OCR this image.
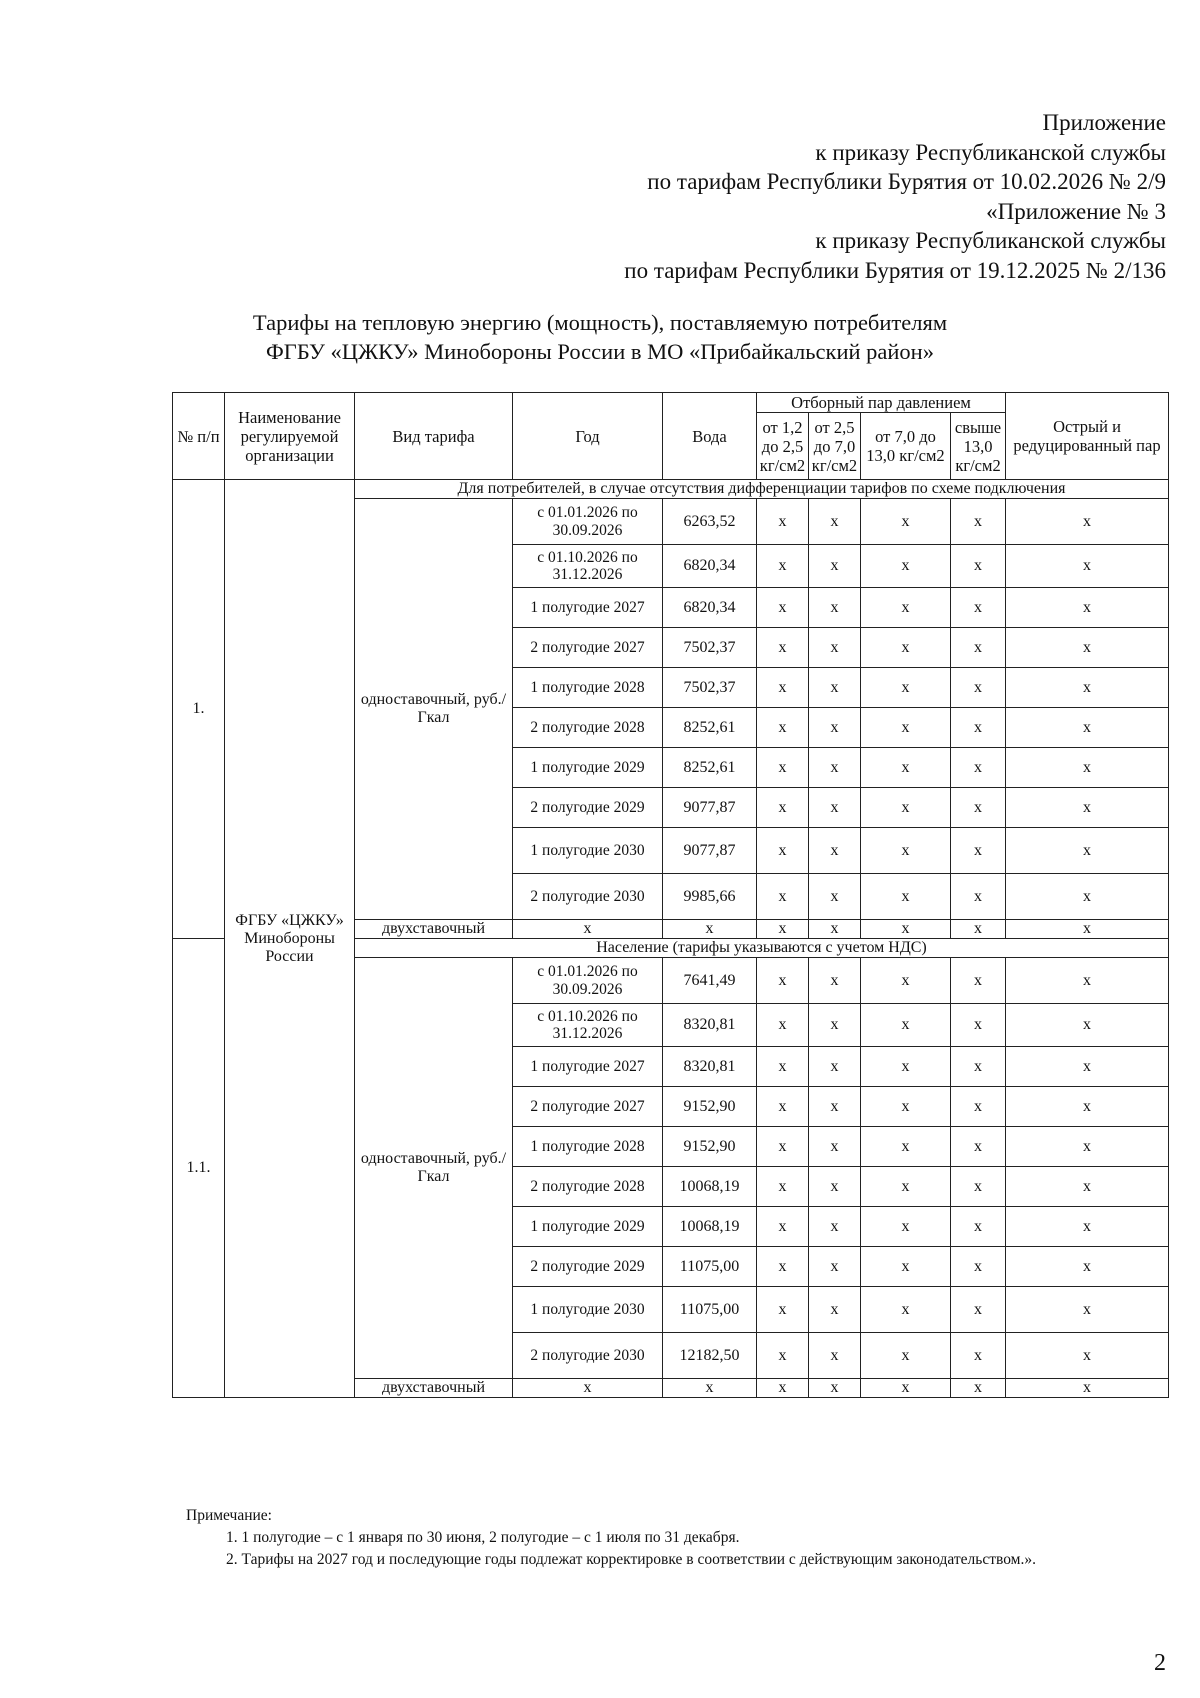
Приложение
к приказу Республиканской службы
по тарифам Республики Бурятия от 10.02.2026 № 2/9
«Приложение № 3
к приказу Республиканской службы
по тарифам Республики Бурятия от 19.12.2025 № 2/136
Тарифы на тепловую энергию (мощность), поставляемую потребителям
ФГБУ «ЦЖКУ» Минобороны России в МО «Прибайкальский район»
№ п/п	Наименование регулируемой организации	Вид тарифа	Год	Вода	Отборный пар давлением				Острый и редуцированный пар
					от 1,2 до 2,5 кг/см2	от 2,5 до 7,0 кг/см2	от 7,0 до 13,0 кг/см2	свыше 13,0 кг/см2	
1.	ФГБУ «ЦЖКУ» Минобороны России	Для потребителей, в случае отсутствия дифференциации тарифов по схеме подключения							
		одноставочный, руб./Гкал	с 01.01.2026 по 30.09.2026	6263,52	х	х	х	х	х
			с 01.10.2026 по 31.12.2026	6820,34	х	х	х	х	х
			1 полугодие 2027	6820,34	х	х	х	х	х
			2 полугодие 2027	7502,37	х	х	х	х	х
			1 полугодие 2028	7502,37	х	х	х	х	х
			2 полугодие 2028	8252,61	х	х	х	х	х
			1 полугодие 2029	8252,61	х	х	х	х	х
			2 полугодие 2029	9077,87	х	х	х	х	х
			1 полугодие 2030	9077,87	х	х	х	х	х
			2 полугодие 2030	9985,66	х	х	х	х	х
		двухставочный	х	х	х	х	х	х	х
1.1.		Население (тарифы указываются с учетом НДС)							
		одноставочный, руб./Гкал	с 01.01.2026 по 30.09.2026	7641,49	х	х	х	х	х
			с 01.10.2026 по 31.12.2026	8320,81	х	х	х	х	х
			1 полугодие 2027	8320,81	х	х	х	х	х
			2 полугодие 2027	9152,90	х	х	х	х	х
			1 полугодие 2028	9152,90	х	х	х	х	х
			2 полугодие 2028	10068,19	х	х	х	х	х
			1 полугодие 2029	10068,19	х	х	х	х	х
			2 полугодие 2029	11075,00	х	х	х	х	х
			1 полугодие 2030	11075,00	х	х	х	х	х
			2 полугодие 2030	12182,50	х	х	х	х	х
		двухставочный	х	х	х	х	х	х	х
Примечание:
1. 1 полугодие – с 1 января по 30 июня, 2 полугодие – с 1 июля по 31 декабря.
2. Тарифы на 2027 год и последующие годы подлежат корректировке в соответствии с действующим законодательством.».
2
